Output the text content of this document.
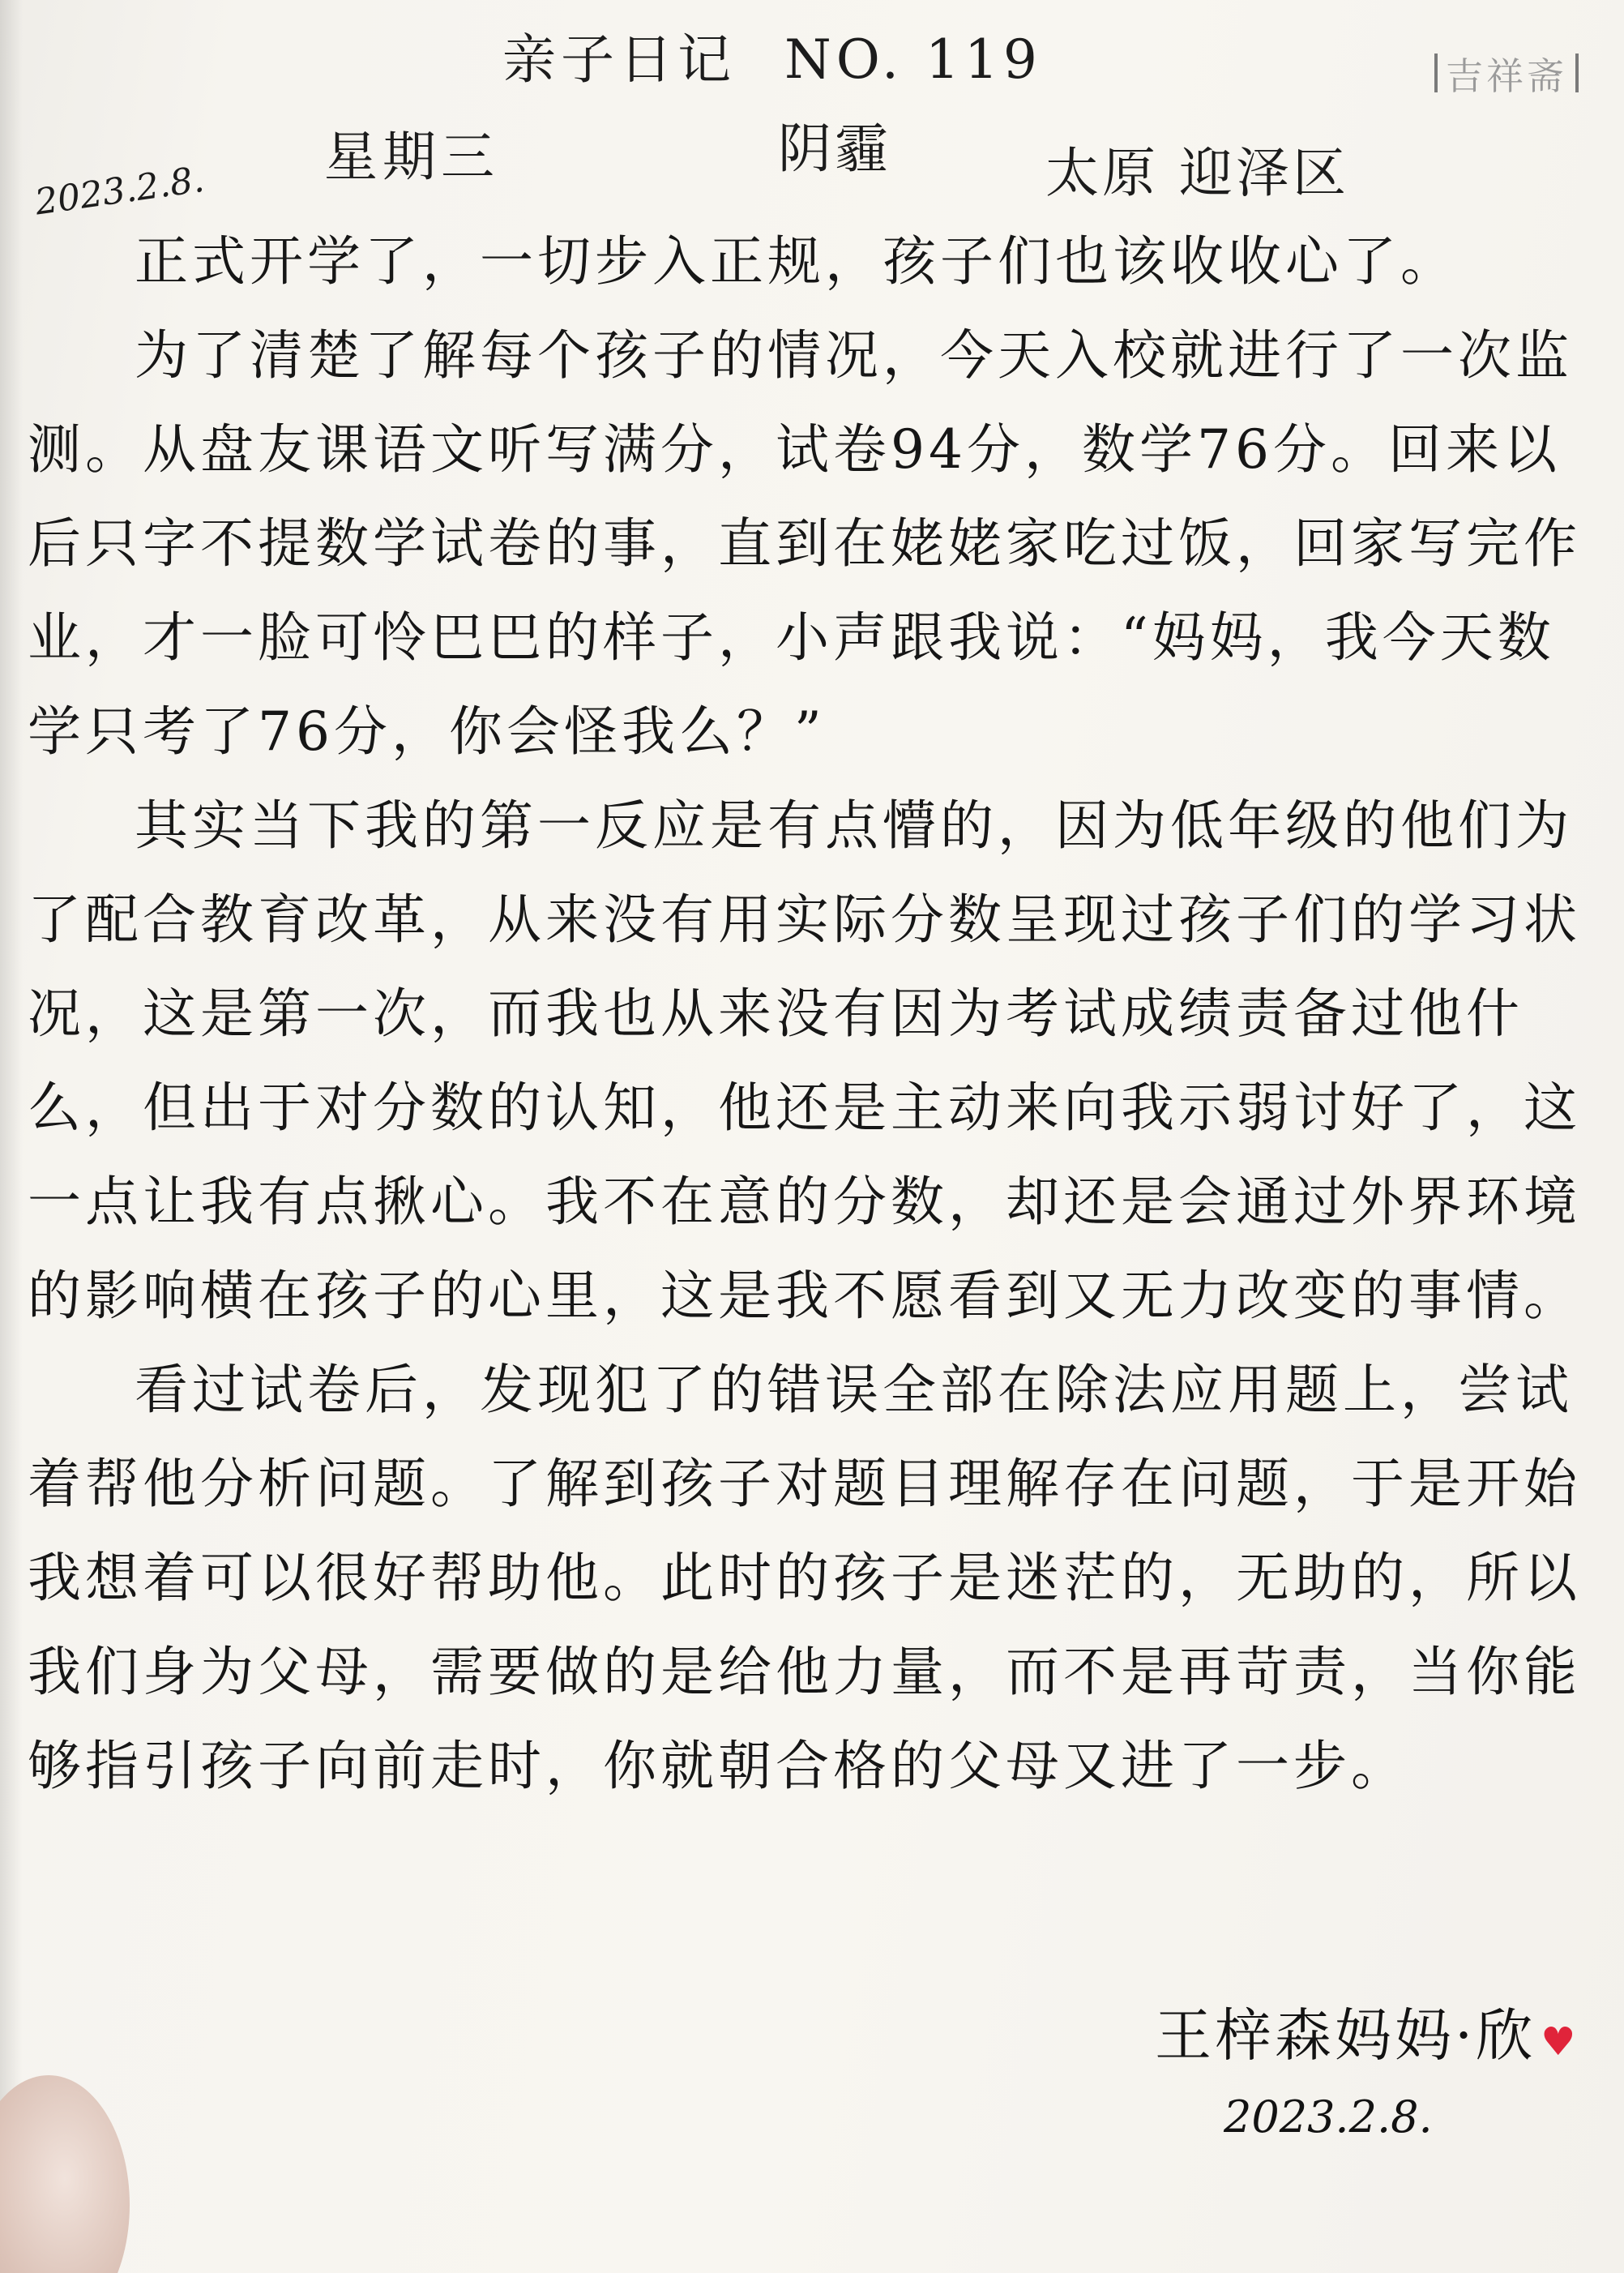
吉祥斋
亲子日记 NO. 119
星期三	阴霾	太原 迎泽区
2023.2.8.

正式开学了，一切步入正规，孩子们也该收收心了。

为了清楚了解每个孩子的情况，今天入校就进行了一次监测。从盘友课语文听写满分，试卷94分，数学76分。回来以后只字不提数学试卷的事，直到在姥姥家吃过饭，回家写完作业，才一脸可怜巴巴的样子，小声跟我说：“妈妈，我今天数学只考了76分，你会怪我么？”

其实当下我的第一反应是有点懵的，因为低年级的他们为了配合教育改革，从来没有用实际分数呈现过孩子们的学习状况，这是第一次，而我也从来没有因为考试成绩责备过他什么，但出于对分数的认知，他还是主动来向我示弱讨好了，这一点让我有点揪心。我不在意的分数，却还是会通过外界环境的影响横在孩子的心里，这是我不愿看到又无力改变的事情。

看过试卷后，发现犯了的错误全部在除法应用题上，尝试着帮他分析问题。了解到孩子对题目理解存在问题，于是开始我想着可以很好帮助他。此时的孩子是迷茫的，无助的，所以我们身为父母，需要做的是给他力量，而不是再苛责，当你能够指引孩子向前走时，你就朝合格的父母又进了一步。

王梓森妈妈·欣 ♥
2023.2.8.
